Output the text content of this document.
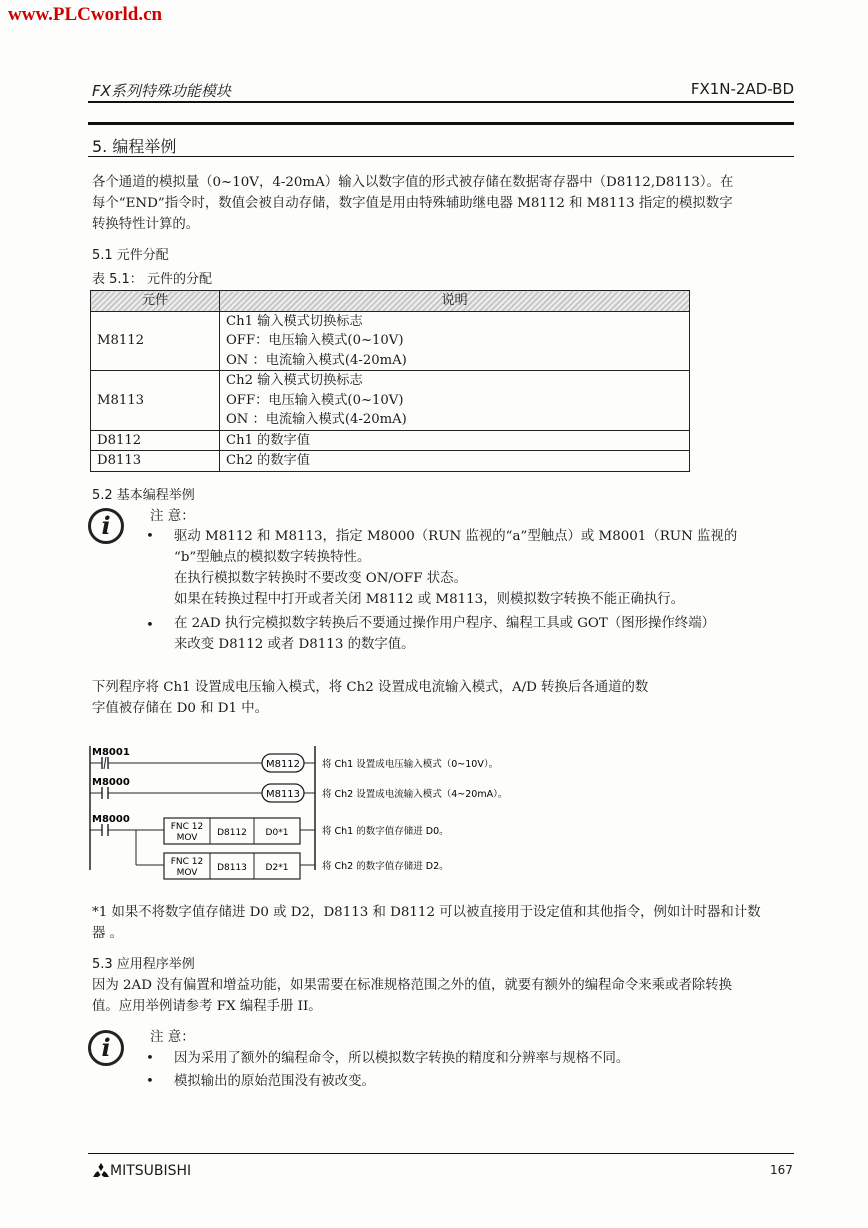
www.PLCworld.cn
FX系列特殊功能模块	FX1N-2AD-BD
5. 编程举例
各个通道的模拟量（0~10V，4-20mA）输入以数字值的形式被存储在数据寄存器中（D8112,D8113）。在
每个“END”指令时，数值会被自动存储，数字值是用由特殊辅助继电器 M8112 和 M8113 指定的模拟数字
转换特性计算的。
5.1 元件分配
表 5.1： 元件的分配
元件	说明
M8112	Ch1 输入模式切换标志
OFF：电压输入模式(0~10V)
ON ：电流输入模式(4-20mA)

M8113	Ch2 输入模式切换标志
OFF：电压输入模式(0~10V)
ON ：电流输入模式(4-20mA)

D8112	Ch1 的数字值
D8113	Ch2 的数字值
5.2 基本编程举例
i	注 意：
• 驱动 M8112 和 M8113，指定 M8000（RUN 监视的“a”型触点）或 M8001（RUN 监视的
“b”型触点的模拟数字转换特性。
在执行模拟数字转换时不要改变 ON/OFF 状态。
如果在转换过程中打开或者关闭 M8112 或 M8113，则模拟数字转换不能正确执行。
• 在 2AD 执行完模拟数字转换后不要通过操作用户程序、编程工具或 GOT（图形操作终端）
来改变 D8112 或者 D8113 的数字值。
下列程序将 Ch1 设置成电压输入模式，将 Ch2 设置成电流输入模式，A/D 转换后各通道的数
字值被存储在 D0 和 D1 中。
M8001
M8112
M8000
M8113
M8000
FNC 12
MOV D8112 D0*1
FNC 12
MOV D8113 D2*1
将 Ch1 设置成电压输入模式（0~10V）。
将 Ch2 设置成电流输入模式（4~20mA）。
将 Ch1 的数字值存储进 D0。
将 Ch2 的数字值存储进 D2。
*1 如果不将数字值存储进 D0 或 D2，D8113 和 D8112 可以被直接用于设定值和其他指令，例如计时器和计数
器 。
5.3 应用程序举例
因为 2AD 没有偏置和增益功能，如果需要在标准规格范围之外的值，就要有额外的编程命令来乘或者除转换
值。应用举例请参考 FX 编程手册 II。
i	注 意：
• 因为采用了额外的编程命令，所以模拟数字转换的精度和分辨率与规格不同。
• 模拟输出的原始范围没有被改变。
MITSUBISHI	167
